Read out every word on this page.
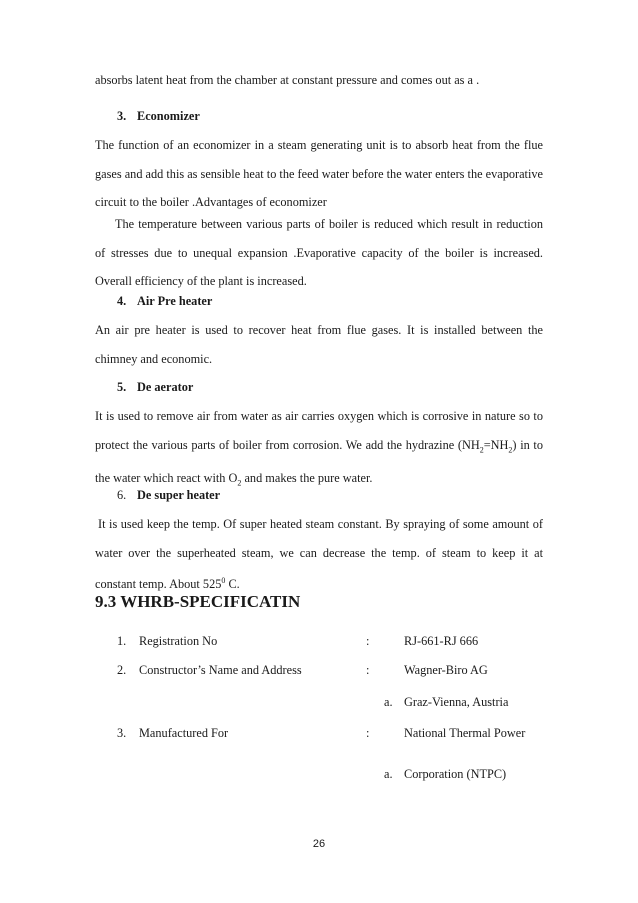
absorbs latent heat from the chamber at constant pressure and comes out as a .

3. Economizer

The function of an economizer in a steam generating unit is to absorb heat from the flue gases and add this as sensible heat to the feed water before the water enters the evaporative circuit to the boiler .Advantages of economizer

The temperature between various parts of boiler is reduced which result in reduction of stresses due to unequal expansion .Evaporative capacity of the boiler is increased. Overall efficiency of the plant is increased.

4. Air Pre heater

An air pre heater is used to recover heat from flue gases. It is installed between the chimney and economic.

5. De aerator

It is used to remove air from water as air carries oxygen which is corrosive in nature so to protect the various parts of boiler from corrosion. We add the hydrazine $(NH_2=NH_2)$ in to the water which react with $O_2$ and makes the pure water.

6. De super heater

It is used keep the temp. Of super heated steam constant. By spraying of some amount of water over the superheated steam, we can decrease the temp. of steam to keep it at constant temp. About $525^0$ C.

9.3 WHRB-SPECIFICATIN

1. Registration No	:	RJ-661-RJ 666

2. Constructor’s Name and Address	:	Wagner-Biro AG

a. Graz-Vienna, Austria

3. Manufactured For	:	National Thermal Power

a. Corporation (NTPC)

26
